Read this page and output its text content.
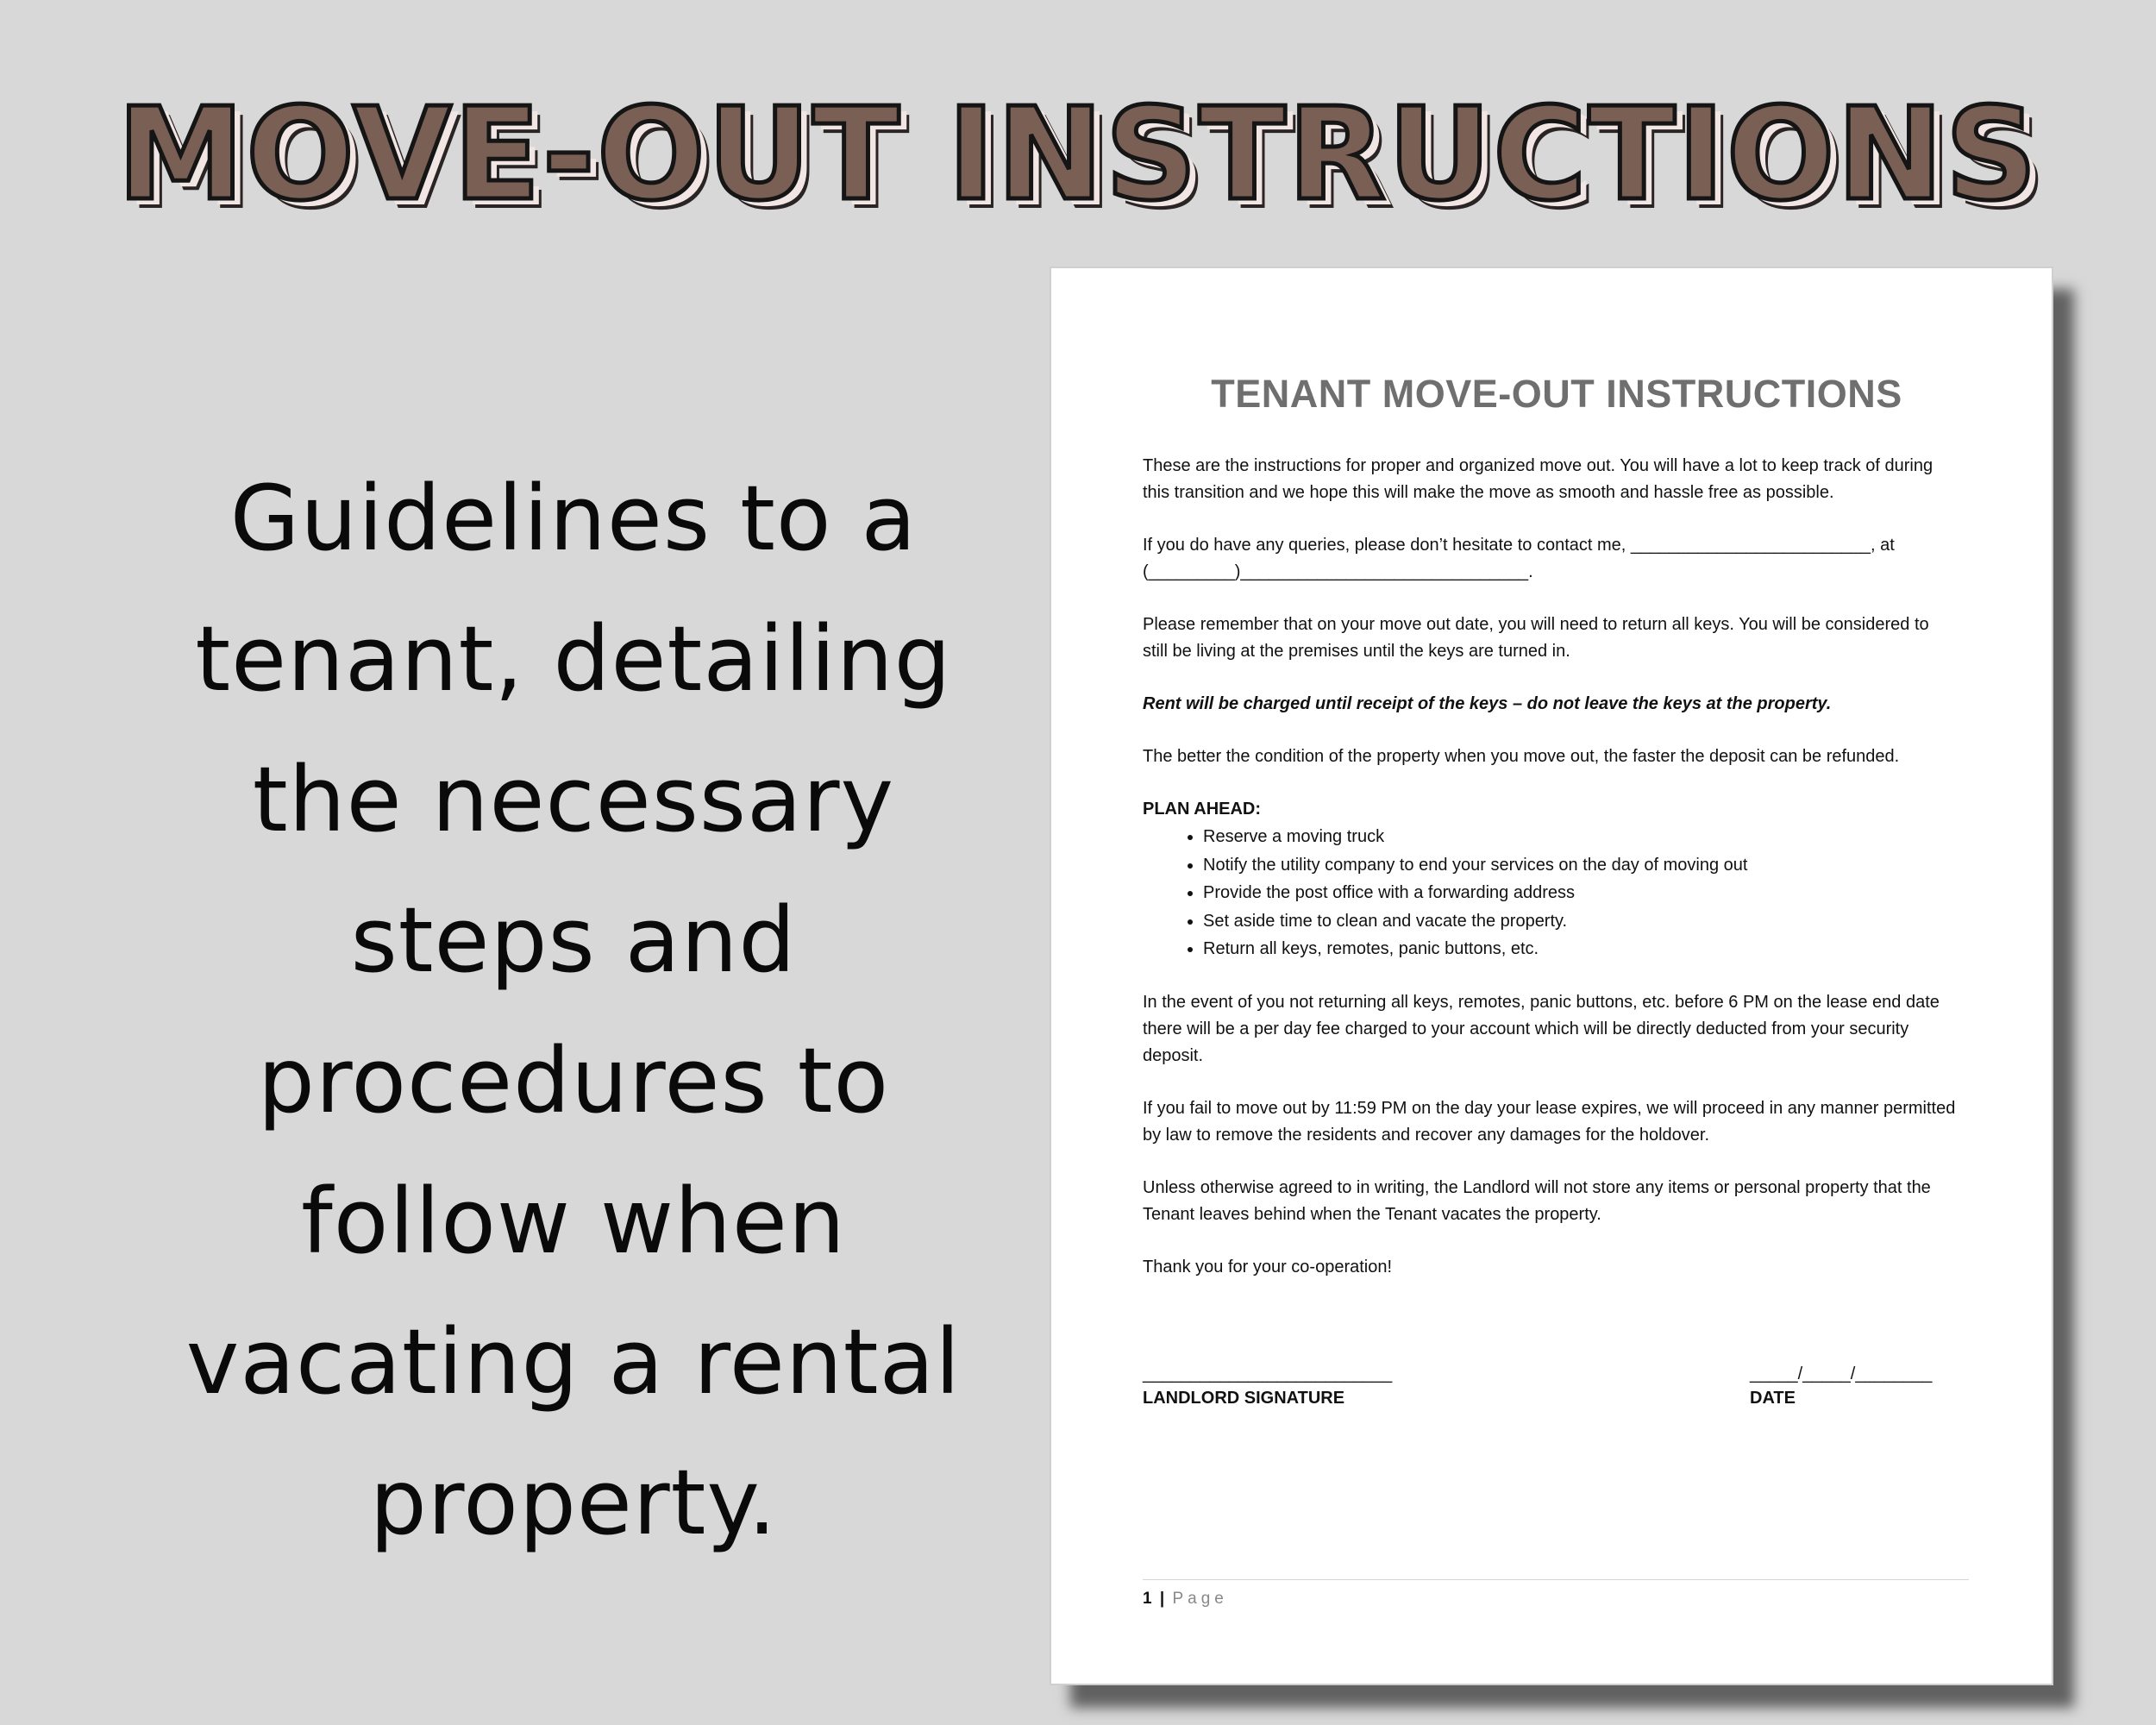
MOVE-OUT INSTRUCTIONS
Guidelines to a tenant, detailing the necessary steps and procedures to follow when vacating a rental property.
TENANT MOVE-OUT INSTRUCTIONS

These are the instructions for proper and organized move out. You will have a lot to keep track of during this transition and we hope this will make the move as smooth and hassle free as possible.

If you do have any queries, please don’t hesitate to contact me, _________________________, at (_________)______________________________.

Please remember that on your move out date, you will need to return all keys. You will be considered to still be living at the premises until the keys are turned in.

Rent will be charged until receipt of the keys – do not leave the keys at the property.

The better the condition of the property when you move out, the faster the deposit can be refunded.

PLAN AHEAD:
• Reserve a moving truck
• Notify the utility company to end your services on the day of moving out
• Provide the post office with a forwarding address
• Set aside time to clean and vacate the property.
• Return all keys, remotes, panic buttons, etc.

In the event of you not returning all keys, remotes, panic buttons, etc. before 6 PM on the lease end date there will be a per day fee charged to your account which will be directly deducted from your security deposit.

If you fail to move out by 11:59 PM on the day your lease expires, we will proceed in any manner permitted by law to remove the residents and recover any damages for the holdover.

Unless otherwise agreed to in writing, the Landlord will not store any items or personal property that the Tenant leaves behind when the Tenant vacates the property.

Thank you for your co-operation!

__________________________
LANDLORD SIGNATURE
_____/_____/________
DATE
1 | Page
